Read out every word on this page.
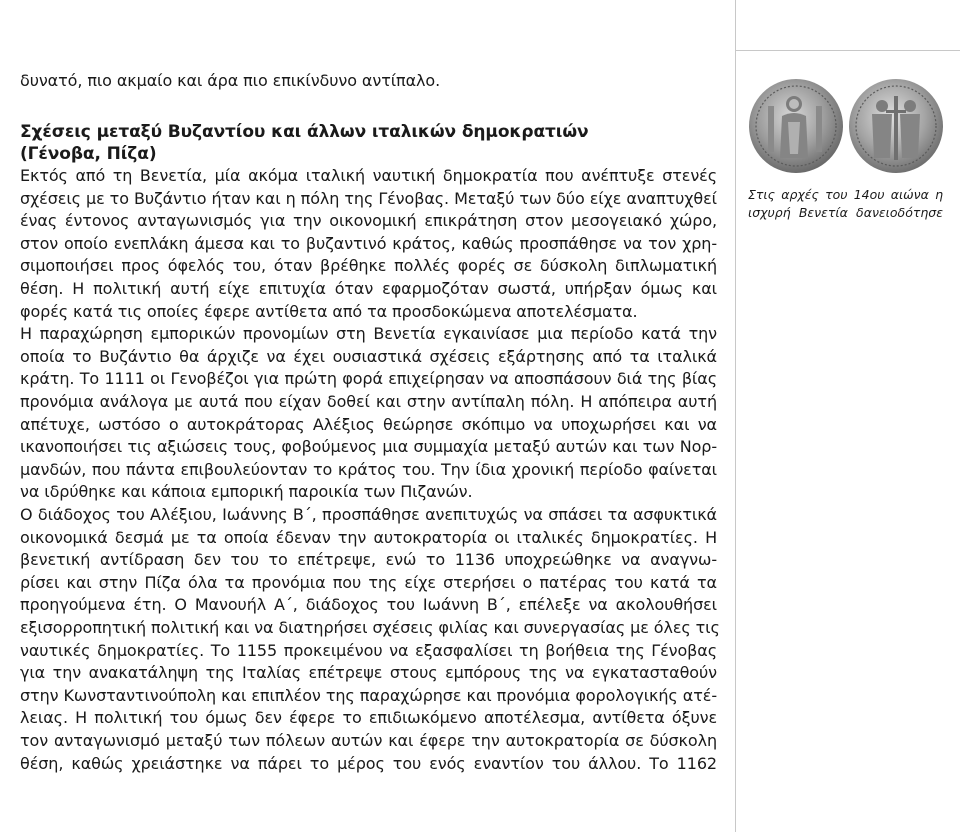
δυνατό, πιο ακμαίο και άρα πιο επικίνδυνο αντίπαλο.
Σχέσεις μεταξύ Βυζαντίου και άλλων ιταλικών δημοκρατιών
(Γένοβα, Πίζα)
Εκτός από τη Βενετία, μία ακόμα ιταλική ναυτική δημοκρατία που ανέπτυξε στενές
σχέσεις με το Βυζάντιο ήταν και η πόλη της Γένοβας. Μεταξύ των δύο είχε αναπτυχθεί
ένας έντονος ανταγωνισμός για την οικονομική επικράτηση στον μεσογειακό χώρο,
στον οποίο ενεπλάκη άμεσα και το βυζαντινό κράτος, καθώς προσπάθησε να τον χρη-
σιμοποιήσει προς όφελός του, όταν βρέθηκε πολλές φορές σε δύσκολη διπλωματική
θέση. Η πολιτική αυτή είχε επιτυχία όταν εφαρμοζόταν σωστά, υπήρξαν όμως και
φορές κατά τις οποίες έφερε αντίθετα από τα προσδοκώμενα αποτελέσματα.
Η παραχώρηση εμπορικών προνομίων στη Βενετία εγκαινίασε μια περίοδο κατά την
οποία το Βυζάντιο θα άρχιζε να έχει ουσιαστικά σχέσεις εξάρτησης από τα ιταλικά
κράτη. Το 1111 οι Γενοβέζοι για πρώτη φορά επιχείρησαν να αποσπάσουν διά της βίας
προνόμια ανάλογα με αυτά που είχαν δοθεί και στην αντίπαλη πόλη. Η απόπειρα αυτή
απέτυχε, ωστόσο ο αυτοκράτορας Αλέξιος θεώρησε σκόπιμο να υποχωρήσει και να
ικανοποιήσει τις αξιώσεις τους, φοβούμενος μια συμμαχία μεταξύ αυτών και των Νορ-
μανδών, που πάντα επιβουλεύονταν το κράτος του. Την ίδια χρονική περίοδο φαίνεται
να ιδρύθηκε και κάποια εμπορική παροικία των Πιζανών.
Ο διάδοχος του Αλέξιου, Ιωάννης Β΄, προσπάθησε ανεπιτυχώς να σπάσει τα ασφυκτικά
οικονομικά δεσμά με τα οποία έδεναν την αυτοκρατορία οι ιταλικές δημοκρατίες. Η
βενετική αντίδραση δεν του το επέτρεψε, ενώ το 1136 υποχρεώθηκε να αναγνω-
ρίσει και στην Πίζα όλα τα προνόμια που της είχε στερήσει ο πατέρας του κατά τα
προηγούμενα έτη. Ο Μανουήλ Α΄, διάδοχος του Ιωάννη Β΄, επέλεξε να ακολουθήσει
εξισορροπητική πολιτική και να διατηρήσει σχέσεις φιλίας και συνεργασίας με όλες τις
ναυτικές δημοκρατίες. Το 1155 προκειμένου να εξασφαλίσει τη βοήθεια της Γένοβας
για την ανακατάληψη της Ιταλίας επέτρεψε στους εμπόρους της να εγκατασταθούν
στην Κωνσταντινούπολη και επιπλέον της παραχώρησε και προνόμια φορολογικής ατέ-
λειας. Η πολιτική του όμως δεν έφερε το επιδιωκόμενο αποτέλεσμα, αντίθετα όξυνε
τον ανταγωνισμό μεταξύ των πόλεων αυτών και έφερε την αυτοκρατορία σε δύσκολη
θέση, καθώς χρειάστηκε να πάρει το μέρος του ενός εναντίον του άλλου. Το 1162
Στις αρχές του 14ου αιώνα η
ισχυρή Βενετία δανειοδότησε
